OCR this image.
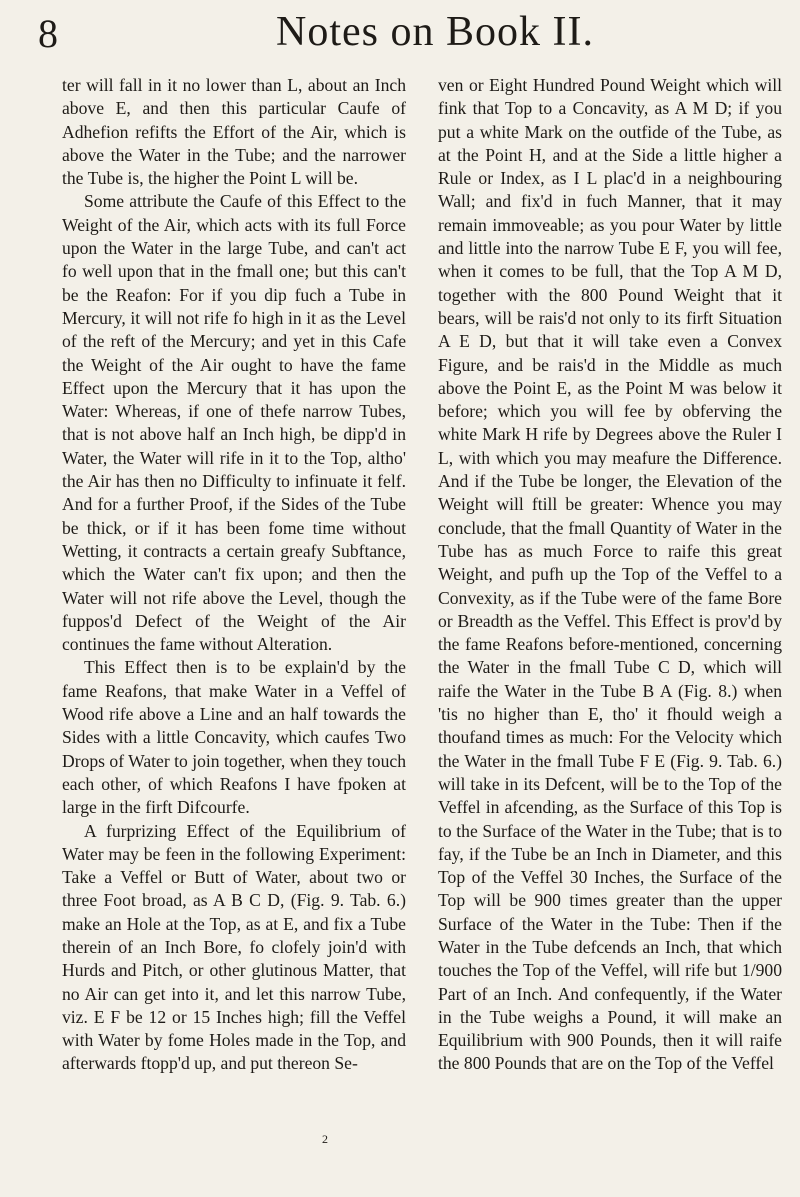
8	Notes on Book II.

ter will fall in it no lower than L, about an Inch above E, and then this particular Caufe of Adhefion refifts the Effort of the Air, which is above the Water in the Tube; and the narrower the Tube is, the higher the Point L will be.

Some attribute the Caufe of this Effect to the Weight of the Air, which acts with its full Force upon the Water in the large Tube, and can't act fo well upon that in the fmall one; but this can't be the Reafon: For if you dip fuch a Tube in Mercury, it will not rife fo high in it as the Level of the reft of the Mercury; and yet in this Cafe the Weight of the Air ought to have the fame Effect upon the Mercury that it has upon the Water: Whereas, if one of thefe narrow Tubes, that is not above half an Inch high, be dipp'd in Water, the Water will rife in it to the Top, altho' the Air has then no Difficulty to infinuate it felf. And for a further Proof, if the Sides of the Tube be thick, or if it has been fome time without Wetting, it contracts a certain greafy Subftance, which the Water can't fix upon; and then the Water will not rife above the Level, though the fuppos'd Defect of the Weight of the Air continues the fame without Alteration.

This Effect then is to be explain'd by the fame Reafons, that make Water in a Veffel of Wood rife above a Line and an half towards the Sides with a little Concavity, which caufes Two Drops of Water to join together, when they touch each other, of which Reafons I have fpoken at large in the firft Difcourfe.

A furprizing Effect of the Equilibrium of Water may be feen in the following Experiment: Take a Veffel or Butt of Water, about two or three Foot broad, as A B C D, (Fig. 9. Tab. 6.) make an Hole at the Top, as at E, and fix a Tube therein of an Inch Bore, fo clofely join'd with Hurds and Pitch, or other glutinous Matter, that no Air can get into it, and let this narrow Tube, viz. E F be 12 or 15 Inches high; fill the Veffel with Water by fome Holes made in the Top, and afterwards ftopp'd up, and put thereon Se-

ven or Eight Hundred Pound Weight which will fink that Top to a Concavity, as A M D; if you put a white Mark on the outfide of the Tube, as at the Point H, and at the Side a little higher a Rule or Index, as I L plac'd in a neighbouring Wall; and fix'd in fuch Manner, that it may remain immoveable; as you pour Water by little and little into the narrow Tube E F, you will fee, when it comes to be full, that the Top A M D, together with the 800 Pound Weight that it bears, will be rais'd not only to its firft Situation A E D, but that it will take even a Convex Figure, and be rais'd in the Middle as much above the Point E, as the Point M was below it before; which you will fee by obferving the white Mark H rife by Degrees above the Ruler I L, with which you may meafure the Difference. And if the Tube be longer, the Elevation of the Weight will ftill be greater: Whence you may conclude, that the fmall Quantity of Water in the Tube has as much Force to raife this great Weight, and pufh up the Top of the Veffel to a Convexity, as if the Tube were of the fame Bore or Breadth as the Veffel. This Effect is prov'd by the fame Reafons before-mentioned, concerning the Water in the fmall Tube C D, which will raife the Water in the Tube B A (Fig. 8.) when 'tis no higher than E, tho' it fhould weigh a thoufand times as much: For the Velocity which the Water in the fmall Tube F E (Fig. 9. Tab. 6.) will take in its Defcent, will be to the Top of the Veffel in afcending, as the Surface of this Top is to the Surface of the Water in the Tube; that is to fay, if the Tube be an Inch in Diameter, and this Top of the Veffel 30 Inches, the Surface of the Top will be 900 times greater than the upper Surface of the Water in the Tube: Then if the Water in the Tube defcends an Inch, that which touches the Top of the Veffel, will rife but 1/900 Part of an Inch. And confequently, if the Water in the Tube weighs a Pound, it will make an Equilibrium with 900 Pounds, then it will raife the 800 Pounds that are on the Top of the Veffel

2
